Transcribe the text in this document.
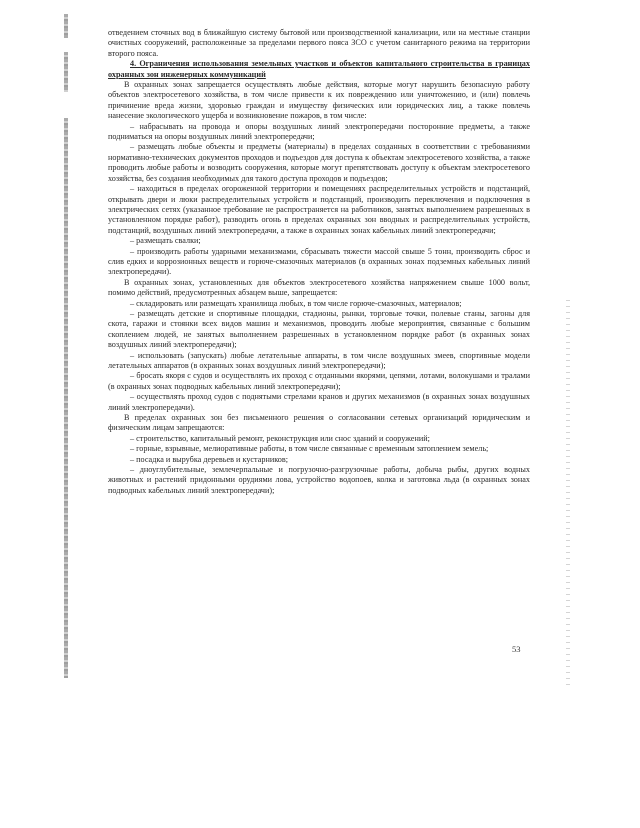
отведением сточных вод в ближайшую систему бытовой или производственной канализации, или на местные станции очистных сооружений, расположенные за пределами первого пояса ЗСО с учетом санитарного режима на территории второго пояса.

4. Ограничения использования земельных участков и объектов капитального строительства в границах охранных зон инженерных коммуникаций

В охранных зонах запрещается осуществлять любые действия, которые могут нарушить безопасную работу объектов электросетевого хозяйства, в том числе привести к их повреждению или уничтожению, и (или) повлечь причинение вреда жизни, здоровью граждан и имуществу физических или юридических лиц, а также повлечь нанесение экологического ущерба и возникновение пожаров, в том числе:

– набрасывать на провода и опоры воздушных линий электропередачи посторонние предметы, а также подниматься на опоры воздушных линий электропередачи;

– размещать любые объекты и предметы (материалы) в пределах созданных в соответствии с требованиями нормативно-технических документов проходов и подъездов для доступа к объектам электросетевого хозяйства, а также проводить любые работы и возводить сооружения, которые могут препятствовать доступу к объектам электросетевого хозяйства, без создания необходимых для такого доступа проходов и подъездов;

– находиться в пределах огороженной территории и помещениях распределительных устройств и подстанций, открывать двери и люки распределительных устройств и подстанций, производить переключения и подключения в электрических сетях (указанное требование не распространяется на работников, занятых выполнением разрешенных в установленном порядке работ), разводить огонь в пределах охранных зон вводных и распределительных устройств, подстанций, воздушных линий электропередачи, а также в охранных зонах кабельных линий электропередачи;

– размещать свалки;

– производить работы ударными механизмами, сбрасывать тяжести массой свыше 5 тонн, производить сброс и слив едких и коррозионных веществ и горюче-смазочных материалов (в охранных зонах подземных кабельных линий электропередачи).

В охранных зонах, установленных для объектов электросетевого хозяйства напряжением свыше 1000 вольт, помимо действий, предусмотренных абзацем выше, запрещается:

– складировать или размещать хранилища любых, в том числе горюче-смазочных, материалов;

– размещать детские и спортивные площадки, стадионы, рынки, торговые точки, полевые станы, загоны для скота, гаражи и стоянки всех видов машин и механизмов, проводить любые мероприятия, связанные с большим скоплением людей, не занятых выполнением разрешенных в установленном порядке работ (в охранных зонах воздушных линий электропередачи);

– использовать (запускать) любые летательные аппараты, в том числе воздушных змеев, спортивные модели летательных аппаратов (в охранных зонах воздушных линий электропередачи);

– бросать якоря с судов и осуществлять их проход с отданными якорями, цепями, лотами, волокушами и тралами (в охранных зонах подводных кабельных линий электропередачи);

– осуществлять проход судов с поднятыми стрелами кранов и других механизмов (в охранных зонах воздушных линий электропередачи).

В пределах охранных зон без письменного решения о согласовании сетевых организаций юридическим и физическим лицам запрещаются:

– строительство, капитальный ремонт, реконструкция или снос зданий и сооружений;

– горные, взрывные, мелиоративные работы, в том числе связанные с временным затоплением земель;

– посадка и вырубка деревьев и кустарников;

– дноуглубительные, землечерпальные и погрузочно-разгрузочные работы, добыча рыбы, других водных животных и растений придонными орудиями лова, устройство водопоев, колка и заготовка льда (в охранных зонах подводных кабельных линий электропередачи);

53
